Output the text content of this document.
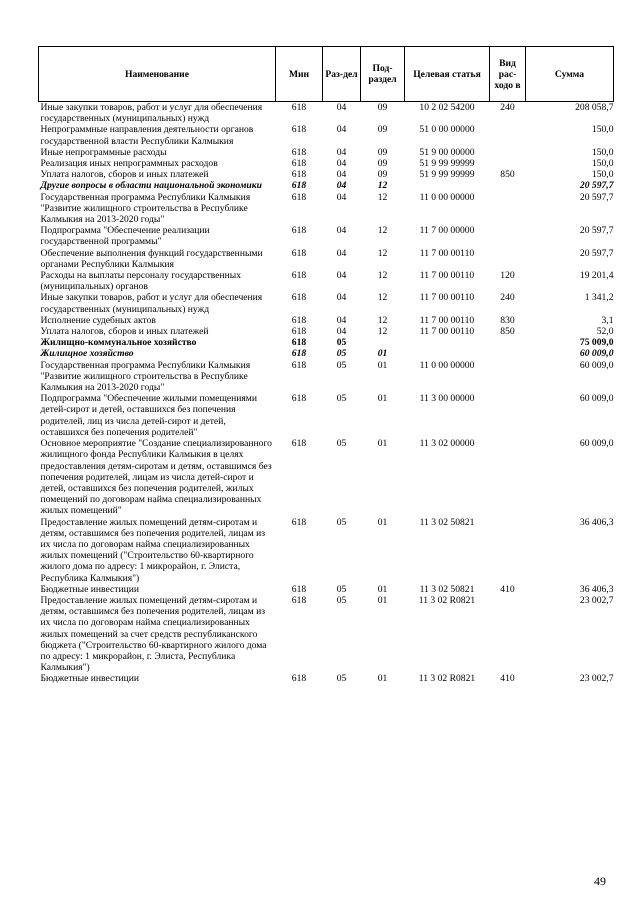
Наименование	Мин	Раз-дел	Под-раздел	Целевая статья	Вид рас-ходо в	Сумма
Иные закупки товаров, работ и услуг для обеспечения государственных (муниципальных) нужд	618	04	09	10 2 02 54200	240	208 058,7
Непрограммные направления деятельности органов государственной власти Республики Калмыкия	618	04	09	51 0 00 00000		150,0
Иные непрограммные расходы	618	04	09	51 9 00 00000		150,0
Реализация иных непрограммных расходов	618	04	09	51 9 99 99999		150,0
Уплата налогов, сборов и иных платежей	618	04	09	51 9 99 99999	850	150,0
Другие вопросы в области национальной экономики	618	04	12			20 597,7
Государственная программа Республики Калмыкия "Развитие жилищного строительства в Республике Калмыкия на 2013-2020 годы"	618	04	12	11 0 00 00000		20 597,7
Подпрограмма "Обеспечение реализации государственной программы"	618	04	12	11 7 00 00000		20 597,7
Обеспечение выполнения функций государственными органами Республики Калмыкия	618	04	12	11 7 00 00110		20 597,7
Расходы на выплаты персоналу государственных (муниципальных) органов	618	04	12	11 7 00 00110	120	19 201,4
Иные закупки товаров, работ и услуг для обеспечения государственных (муниципальных) нужд	618	04	12	11 7 00 00110	240	1 341,2
Исполнение судебных актов	618	04	12	11 7 00 00110	830	3,1
Уплата налогов, сборов и иных платежей	618	04	12	11 7 00 00110	850	52,0
Жилищно-коммунальное хозяйство	618	05				75 009,0
Жилищное хозяйство	618	05	01			60 009,0
Государственная программа Республики Калмыкия "Развитие жилищного строительства в Республике Калмыкия на 2013-2020 годы"	618	05	01	11 0 00 00000		60 009,0
Подпрограмма "Обеспечение жилыми помещениями детей-сирот и детей, оставшихся без попечения родителей, лиц из числа детей-сирот и детей, оставшихся без попечения родителей"	618	05	01	11 3 00 00000		60 009,0
Основное мероприятие "Создание специализированного жилищного фонда Республики Калмыкия в целях предоставления детям-сиротам и детям, оставшимся без попечения родителей, лицам из числа детей-сирот и детей, оставшихся без попечения родителей, жилых помещений по договорам найма специализированных жилых помещений"	618	05	01	11 3 02 00000		60 009,0
Предоставление жилых помещений детям-сиротам и детям, оставшимся без попечения родителей, лицам из их числа по договорам найма специализированных жилых помещений ("Строительство 60-квартирного жилого дома по адресу: 1 микрорайон, г. Элиста, Республика Калмыкия")	618	05	01	11 3 02 50821		36 406,3
Бюджетные инвестиции	618	05	01	11 3 02 50821	410	36 406,3
Предоставление жилых помещений детям-сиротам и детям, оставшимся без попечения родителей, лицам из их числа по договорам найма специализированных жилых помещений за счет средств республиканского бюджета ("Строительство 60-квартирного жилого дома по адресу: 1 микрорайон, г. Элиста, Республика Калмыкия")	618	05	01	11 3 02 R0821		23 002,7
Бюджетные инвестиции	618	05	01	11 3 02 R0821	410	23 002,7
49
